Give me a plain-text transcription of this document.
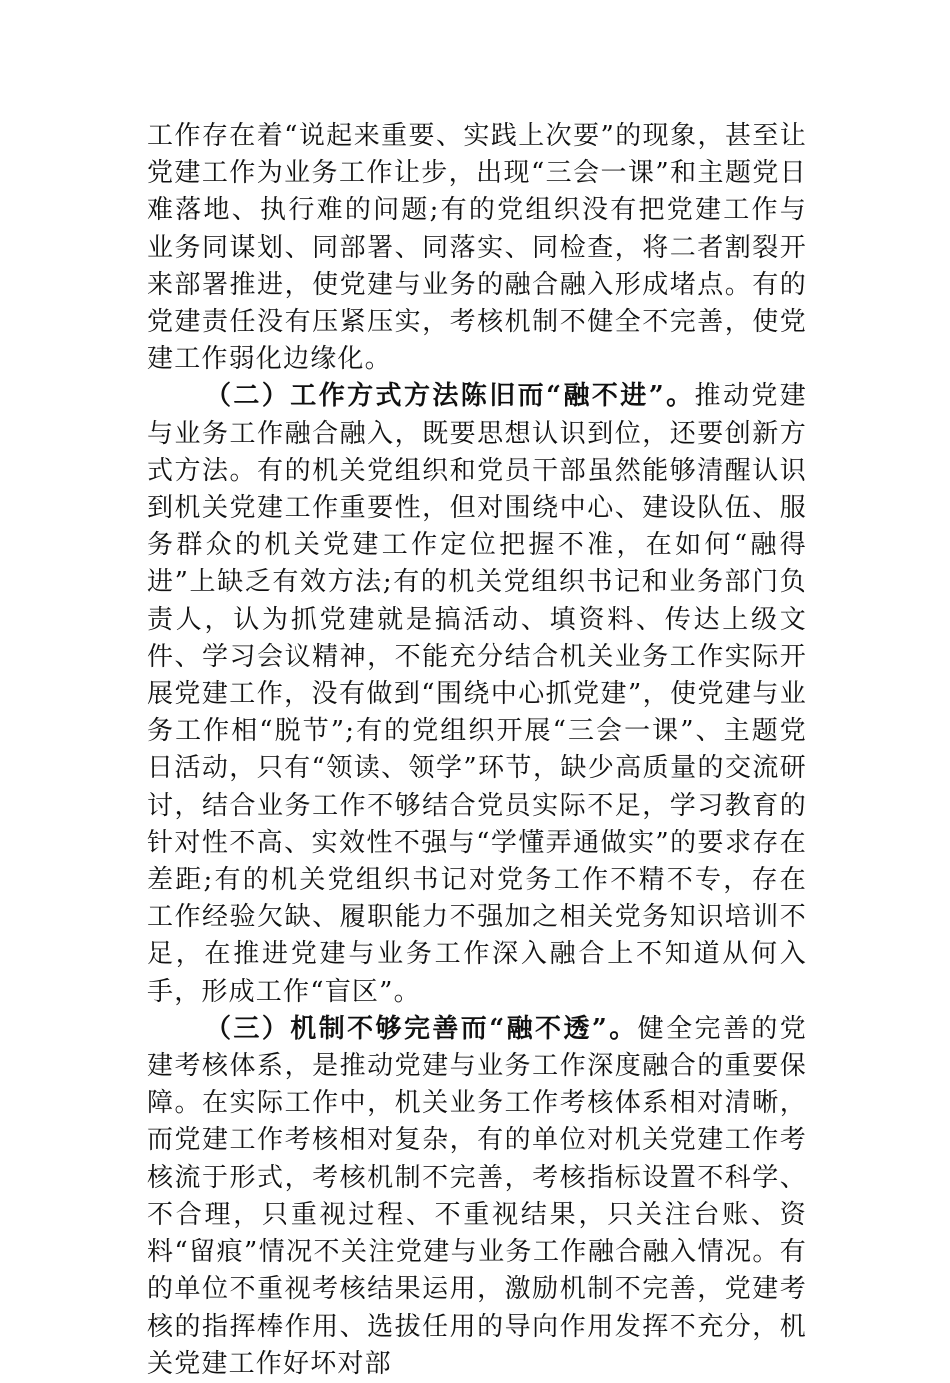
工作存在着“说起来重要、实践上次要”的现象，甚至让党建工作为业务工作让步，出现“三会一课”和主题党日难落地、执行难的问题;有的党组织没有把党建工作与业务同谋划、同部署、同落实、同检查，将二者割裂开来部署推进，使党建与业务的融合融入形成堵点。有的党建责任没有压紧压实，考核机制不健全不完善，使党建工作弱化边缘化。

（二）工作方式方法陈旧而“融不进”。推动党建与业务工作融合融入，既要思想认识到位，还要创新方式方法。有的机关党组织和党员干部虽然能够清醒认识到机关党建工作重要性，但对围绕中心、建设队伍、服务群众的机关党建工作定位把握不准，在如何“融得进”上缺乏有效方法;有的机关党组织书记和业务部门负责人，认为抓党建就是搞活动、填资料、传达上级文件、学习会议精神，不能充分结合机关业务工作实际开展党建工作，没有做到“围绕中心抓党建”，使党建与业务工作相“脱节”;有的党组织开展“三会一课”、主题党日活动，只有“领读、领学”环节，缺少高质量的交流研讨，结合业务工作不够结合党员实际不足，学习教育的针对性不高、实效性不强与“学懂弄通做实”的要求存在差距;有的机关党组织书记对党务工作不精不专，存在工作经验欠缺、履职能力不强加之相关党务知识培训不足，在推进党建与业务工作深入融合上不知道从何入手，形成工作“盲区”。

（三）机制不够完善而“融不透”。健全完善的党建考核体系，是推动党建与业务工作深度融合的重要保障。在实际工作中，机关业务工作考核体系相对清晰，而党建工作考核相对复杂，有的单位对机关党建工作考核流于形式，考核机制不完善，考核指标设置不科学、不合理，只重视过程、不重视结果，只关注台账、资料“留痕”情况不关注党建与业务工作融合融入情况。有的单位不重视考核结果运用，激励机制不完善，党建考核的指挥棒作用、选拔任用的导向作用发挥不充分，机关党建工作好坏对部
